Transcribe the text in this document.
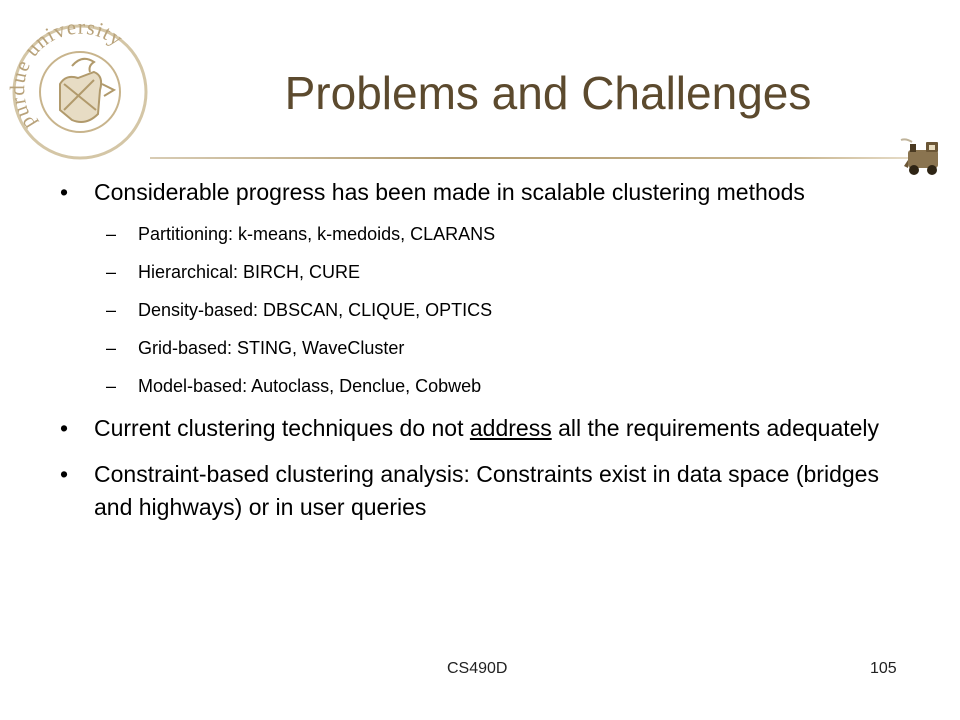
purdue university
Problems and Challenges
•	Considerable progress has been made in scalable clustering methods
– Partitioning: k-means, k-medoids, CLARANS
– Hierarchical: BIRCH, CURE
– Density-based: DBSCAN, CLIQUE, OPTICS
– Grid-based: STING, WaveCluster
– Model-based: Autoclass, Denclue, Cobweb
•	Current clustering techniques do not address all the requirements adequately
•	Constraint-based clustering analysis: Constraints exist in data space (bridges and highways) or in user queries
CS490D	105
